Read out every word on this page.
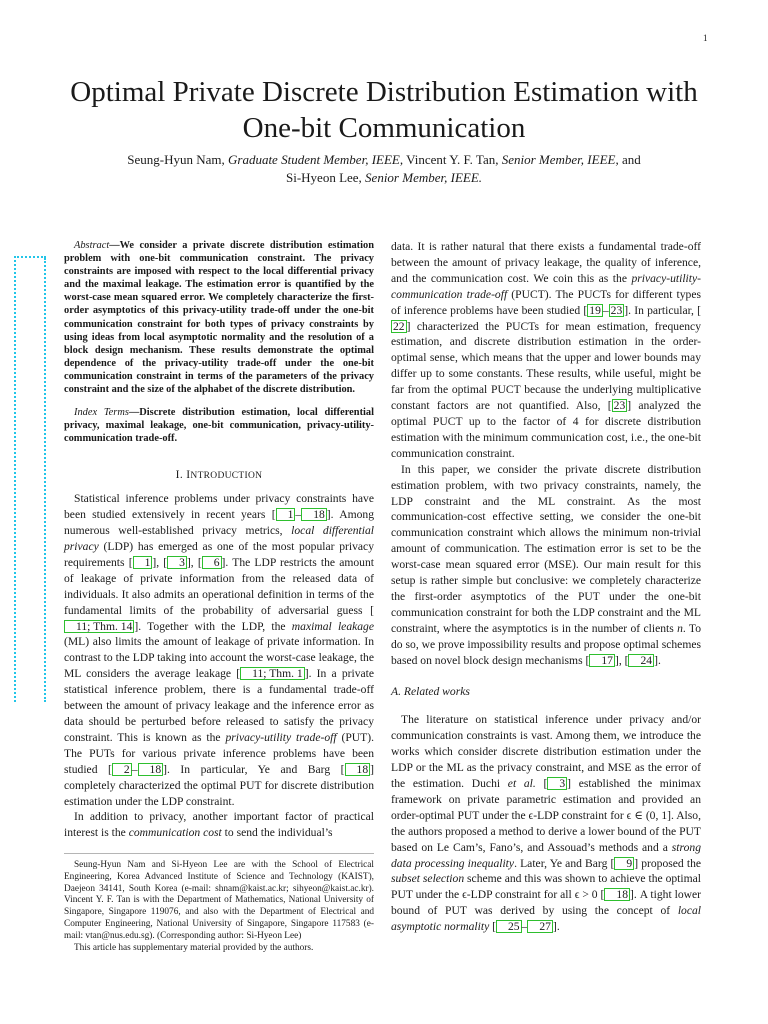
1
Optimal Private Discrete Distribution Estimation with One-bit Communication
Seung-Hyun Nam, Graduate Student Member, IEEE, Vincent Y. F. Tan, Senior Member, IEEE, and
Si-Hyeon Lee, Senior Member, IEEE.

Abstract—We consider a private discrete distribution estimation problem with one-bit communication constraint. The privacy constraints are imposed with respect to the local differential privacy and the maximal leakage. The estimation error is quantified by the worst-case mean squared error. We completely characterize the first-order asymptotics of this privacy-utility trade-off under the one-bit communication constraint for both types of privacy constraints by using ideas from local asymptotic normality and the resolution of a block design mechanism. These results demonstrate the optimal dependence of the privacy-utility trade-off under the one-bit communication constraint in terms of the parameters of the privacy constraint and the size of the alphabet of the discrete distribution.

Index Terms—Discrete distribution estimation, local differential privacy, maximal leakage, one-bit communication, privacy-utility-communication trade-off.

I. INTRODUCTION

Statistical inference problems under privacy constraints have been studied extensively in recent years [ 1 – 18 ]. Among numerous well-established privacy metrics, local differential privacy (LDP) has emerged as one of the most popular privacy requirements [ 1 ], [ 3 ], [ 6 ]. The LDP restricts the amount of leakage of private information from the released data of individuals. It also admits an operational definition in terms of the fundamental limits of the probability of adversarial guess [11; Thm. 14 ]. Together with the LDP, the maximal leakage (ML) also limits the amount of leakage of private information. In contrast to the LDP taking into account the worst-case leakage, the ML considers the average leakage [ 11; Thm. 1 ]. In a private statistical inference problem, there is a fundamental trade-off between the amount of privacy leakage and the inference error as data should be perturbed before released to satisfy the privacy constraint. This is known as the privacy-utility trade-off (PUT). The PUTs for various private inference problems have been studied [ 2 – 18 ]. In particular, Ye and Barg [ 18 ] completely characterized the optimal PUT for discrete distribution estimation under the LDP constraint.

In addition to privacy, another important factor of practical interest is the communication cost to send the individual’s

Seung-Hyun Nam and Si-Hyeon Lee are with the School of Electrical Engineering, Korea Advanced Institute of Science and Technology (KAIST), Daejeon 34141, South Korea (e-mail: shnam@kaist.ac.kr; sihyeon@kaist.ac.kr). Vincent Y. F. Tan is with the Department of Mathematics, National University of Singapore, Singapore 119076, and also with the Department of Electrical and Computer Engineering, National University of Singapore, Singapore 117583 (e-mail: vtan@nus.edu.sg). (Corresponding author: Si-Hyeon Lee)

This article has supplementary material provided by the authors.

data. It is rather natural that there exists a fundamental trade-off between the amount of privacy leakage, the quality of inference, and the communication cost. We coin this as the privacy-utility-communication trade-off (PUCT). The PUCTs for different types of inference problems have been studied [ 19 – 23 ]. In particular, [22 ] characterized the PUCTs for mean estimation, frequency estimation, and discrete distribution estimation in the order-optimal sense, which means that the upper and lower bounds may differ up to some constants. These results, while useful, might be far from the optimal PUCT because the underlying multiplicative constant factors are not quantified. Also, [ 23 ] analyzed the optimal PUCT up to the factor of 4 for discrete distribution estimation with the minimum communication cost, i.e., the one-bit communication constraint.

In this paper, we consider the private discrete distribution estimation problem, with two privacy constraints, namely, the LDP constraint and the ML constraint. As the most communication-cost effective setting, we consider the one-bit communication constraint which allows the minimum non-trivial amount of communication. The estimation error is set to be the worst-case mean squared error (MSE). Our main result for this setup is rather simple but conclusive: we completely characterize the first-order asymptotics of the PUT under the one-bit communication constraint for both the LDP constraint and the ML constraint, where the asymptotics is in the number of clients n. To do so, we prove impossibility results and propose optimal schemes based on novel block design mechanisms [ 17 ], [ 24 ].

A. Related works

The literature on statistical inference under privacy and/or communication constraints is vast. Among them, we introduce the works which consider discrete distribution estimation under the LDP or the ML as the privacy constraint, and MSE as the error of the estimation. Duchi et al. [ 3 ] established the minimax framework on private parametric estimation and provided an order-optimal PUT under the ϵ-LDP constraint for ϵ ∈ (0, 1]. Also, the authors proposed a method to derive a lower bound of the PUT based on Le Cam’s, Fano’s, and Assouad’s methods and a strong data processing inequality. Later, Ye and Barg [ 9 ] proposed the subset selection scheme and this was shown to achieve the optimal PUT under the ϵ-LDP constraint for all ϵ > 0 [ 18 ]. A tight lower bound of PUT was derived by using the concept of local asymptotic normality [ 25 – 27 ].
